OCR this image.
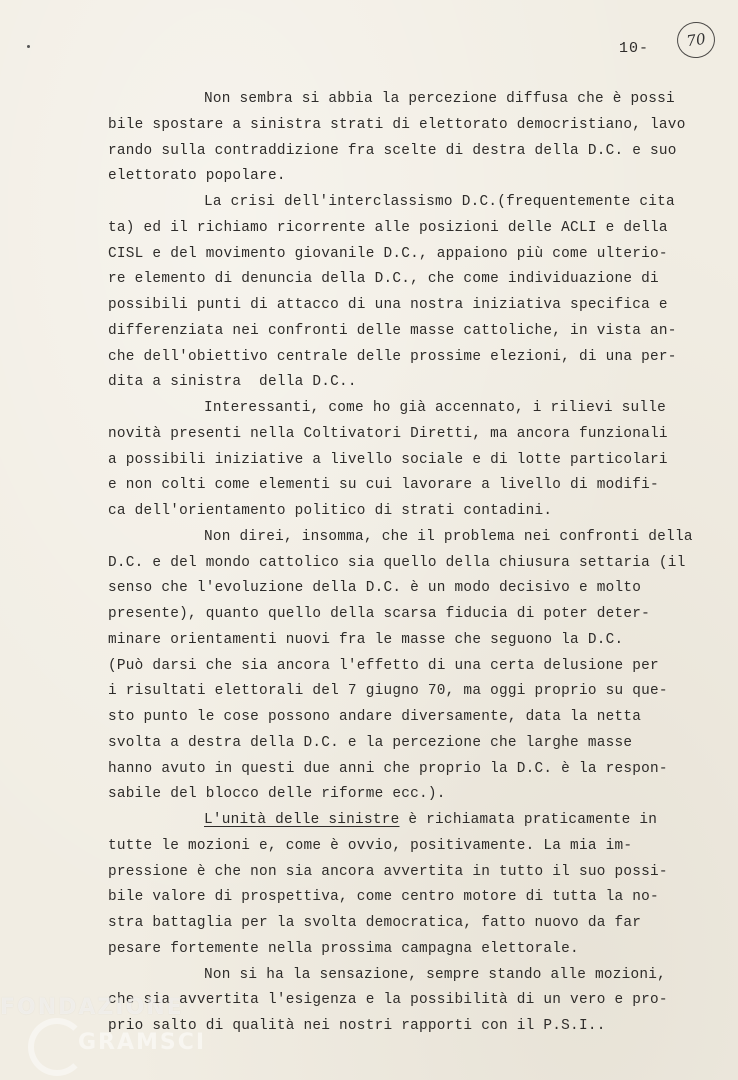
10-	70
Non sembra si abbia la percezione diffusa che è possi
bile spostare a sinistra strati di elettorato democristiano, lavo
rando sulla contraddizione fra scelte di destra della D.C. e suo
elettorato popolare.
La crisi dell'interclassismo D.C.(frequentemente cita
ta) ed il richiamo ricorrente alle posizioni delle ACLI e della
CISL e del movimento giovanile D.C., appaiono più come ulterio-
re elemento di denuncia della D.C., che come individuazione di
possibili punti di attacco di una nostra iniziativa specifica e
differenziata nei confronti delle masse cattoliche, in vista an-
che dell'obiettivo centrale delle prossime elezioni, di una per-
dita a sinistra  della D.C..
Interessanti, come ho già accennato, i rilievi sulle
novità presenti nella Coltivatori Diretti, ma ancora funzionali
a possibili iniziative a livello sociale e di lotte particolari
e non colti come elementi su cui lavorare a livello di modifi-
ca dell'orientamento politico di strati contadini.
Non direi, insomma, che il problema nei confronti della
D.C. e del mondo cattolico sia quello della chiusura settaria (il
senso che l'evoluzione della D.C. è un modo decisivo e molto
presente), quanto quello della scarsa fiducia di poter deter-
minare orientamenti nuovi fra le masse che seguono la D.C.
(Può darsi che sia ancora l'effetto di una certa delusione per
i risultati elettorali del 7 giugno 70, ma oggi proprio su que-
sto punto le cose possono andare diversamente, data la netta
svolta a destra della D.C. e la percezione che larghe masse
hanno avuto in questi due anni che proprio la D.C. è la respon-
sabile del blocco delle riforme ecc.).
L'unità delle sinistre è richiamata praticamente in
tutte le mozioni e, come è ovvio, positivamente. La mia im-
pressione è che non sia ancora avvertita in tutto il suo possi-
bile valore di prospettiva, come centro motore di tutta la no-
stra battaglia per la svolta democratica, fatto nuovo da far
pesare fortemente nella prossima campagna elettorale.
Non si ha la sensazione, sempre stando alle mozioni,
che sia avvertita l'esigenza e la possibilità di un vero e pro-
prio salto di qualità nei nostri rapporti con il P.S.I..
FONDAZIONE
GRAMSCI
